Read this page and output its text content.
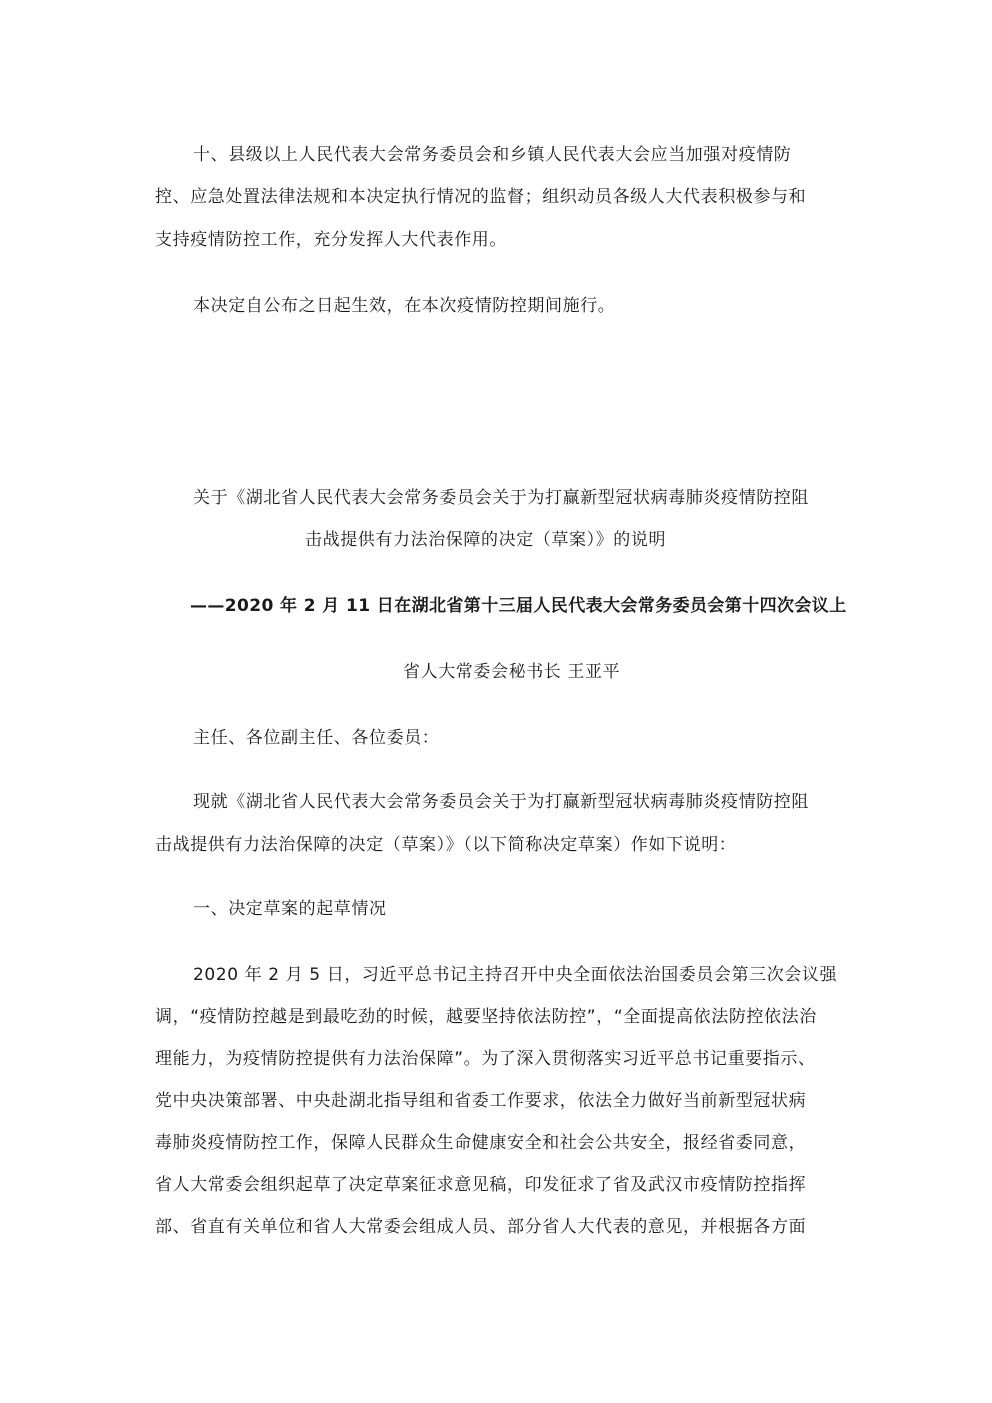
十、县级以上人民代表大会常务委员会和乡镇人民代表大会应当加强对疫情防
控、应急处置法律法规和本决定执行情况的监督；组织动员各级人大代表积极参与和
支持疫情防控工作，充分发挥人大代表作用。
本决定自公布之日起生效，在本次疫情防控期间施行。
关于《湖北省人民代表大会常务委员会关于为打赢新型冠状病毒肺炎疫情防控阻
击战提供有力法治保障的决定（草案）》的说明
——2020 年 2 月 11 日在湖北省第十三届人民代表大会常务委员会第十四次会议上
省人大常委会秘书长 王亚平
主任、各位副主任、各位委员：
现就《湖北省人民代表大会常务委员会关于为打赢新型冠状病毒肺炎疫情防控阻
击战提供有力法治保障的决定（草案）》（以下简称决定草案）作如下说明：
一、决定草案的起草情况
2020 年 2 月 5 日，习近平总书记主持召开中央全面依法治国委员会第三次会议强
调，“疫情防控越是到最吃劲的时候，越要坚持依法防控”，“全面提高依法防控依法治
理能力，为疫情防控提供有力法治保障”。为了深入贯彻落实习近平总书记重要指示、
党中央决策部署、中央赴湖北指导组和省委工作要求，依法全力做好当前新型冠状病
毒肺炎疫情防控工作，保障人民群众生命健康安全和社会公共安全，报经省委同意，
省人大常委会组织起草了决定草案征求意见稿，印发征求了省及武汉市疫情防控指挥
部、省直有关单位和省人大常委会组成人员、部分省人大代表的意见，并根据各方面
